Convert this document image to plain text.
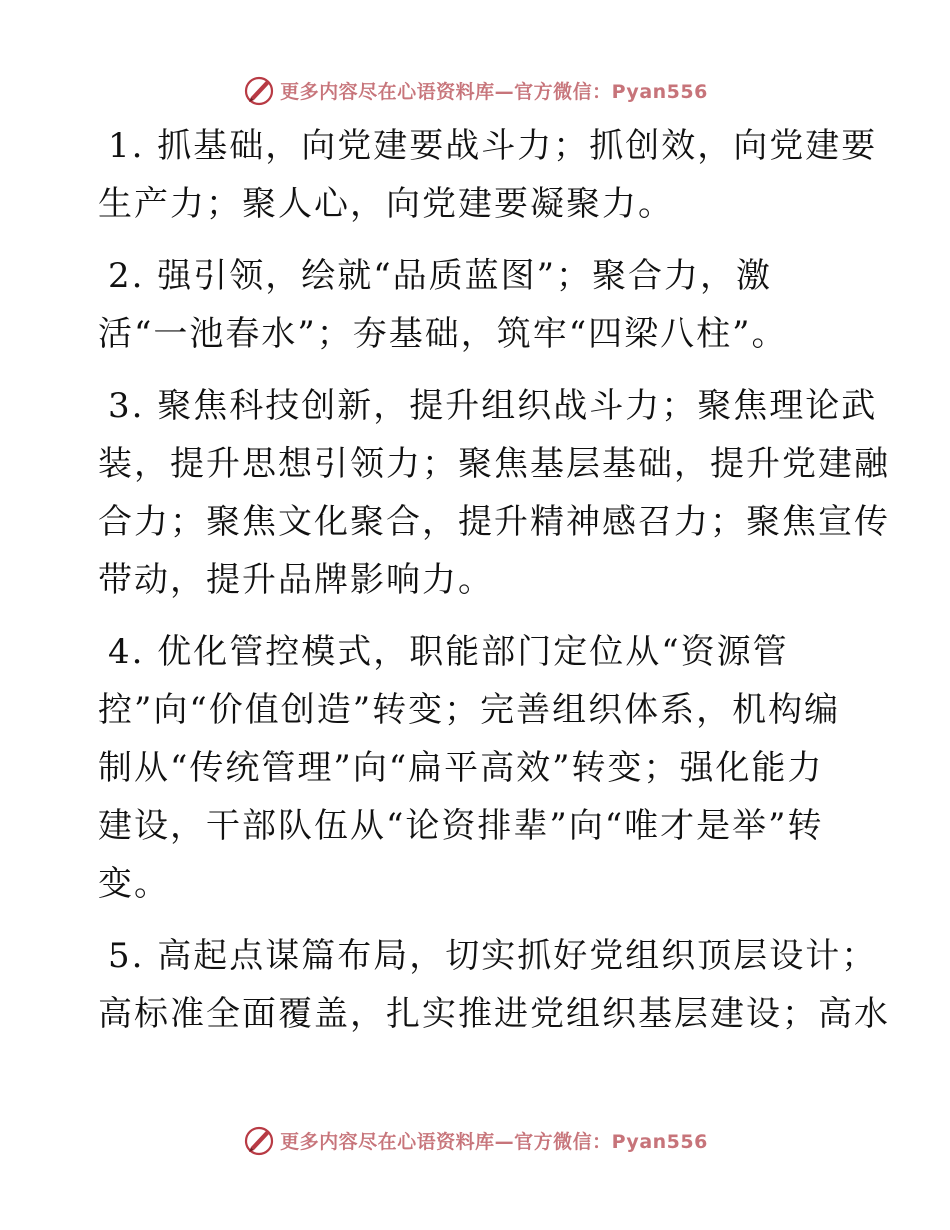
更多内容尽在心语资料库—官方微信：Pyan556
1. 抓基础，向党建要战斗力；抓创效，向党建要
生产力；聚人心，向党建要凝聚力。
2. 强引领，绘就“品质蓝图”；聚合力，激
活“一池春水”；夯基础，筑牢“四梁八柱”。
3. 聚焦科技创新，提升组织战斗力；聚焦理论武
装，提升思想引领力；聚焦基层基础，提升党建融
合力；聚焦文化聚合，提升精神感召力；聚焦宣传
带动，提升品牌影响力。
4. 优化管控模式，职能部门定位从“资源管
控”向“价值创造”转变；完善组织体系，机构编
制从“传统管理”向“扁平高效”转变；强化能力
建设，干部队伍从“论资排辈”向“唯才是举”转
变。
5. 高起点谋篇布局，切实抓好党组织顶层设计；
高标准全面覆盖，扎实推进党组织基层建设；高水
更多内容尽在心语资料库—官方微信：Pyan556
